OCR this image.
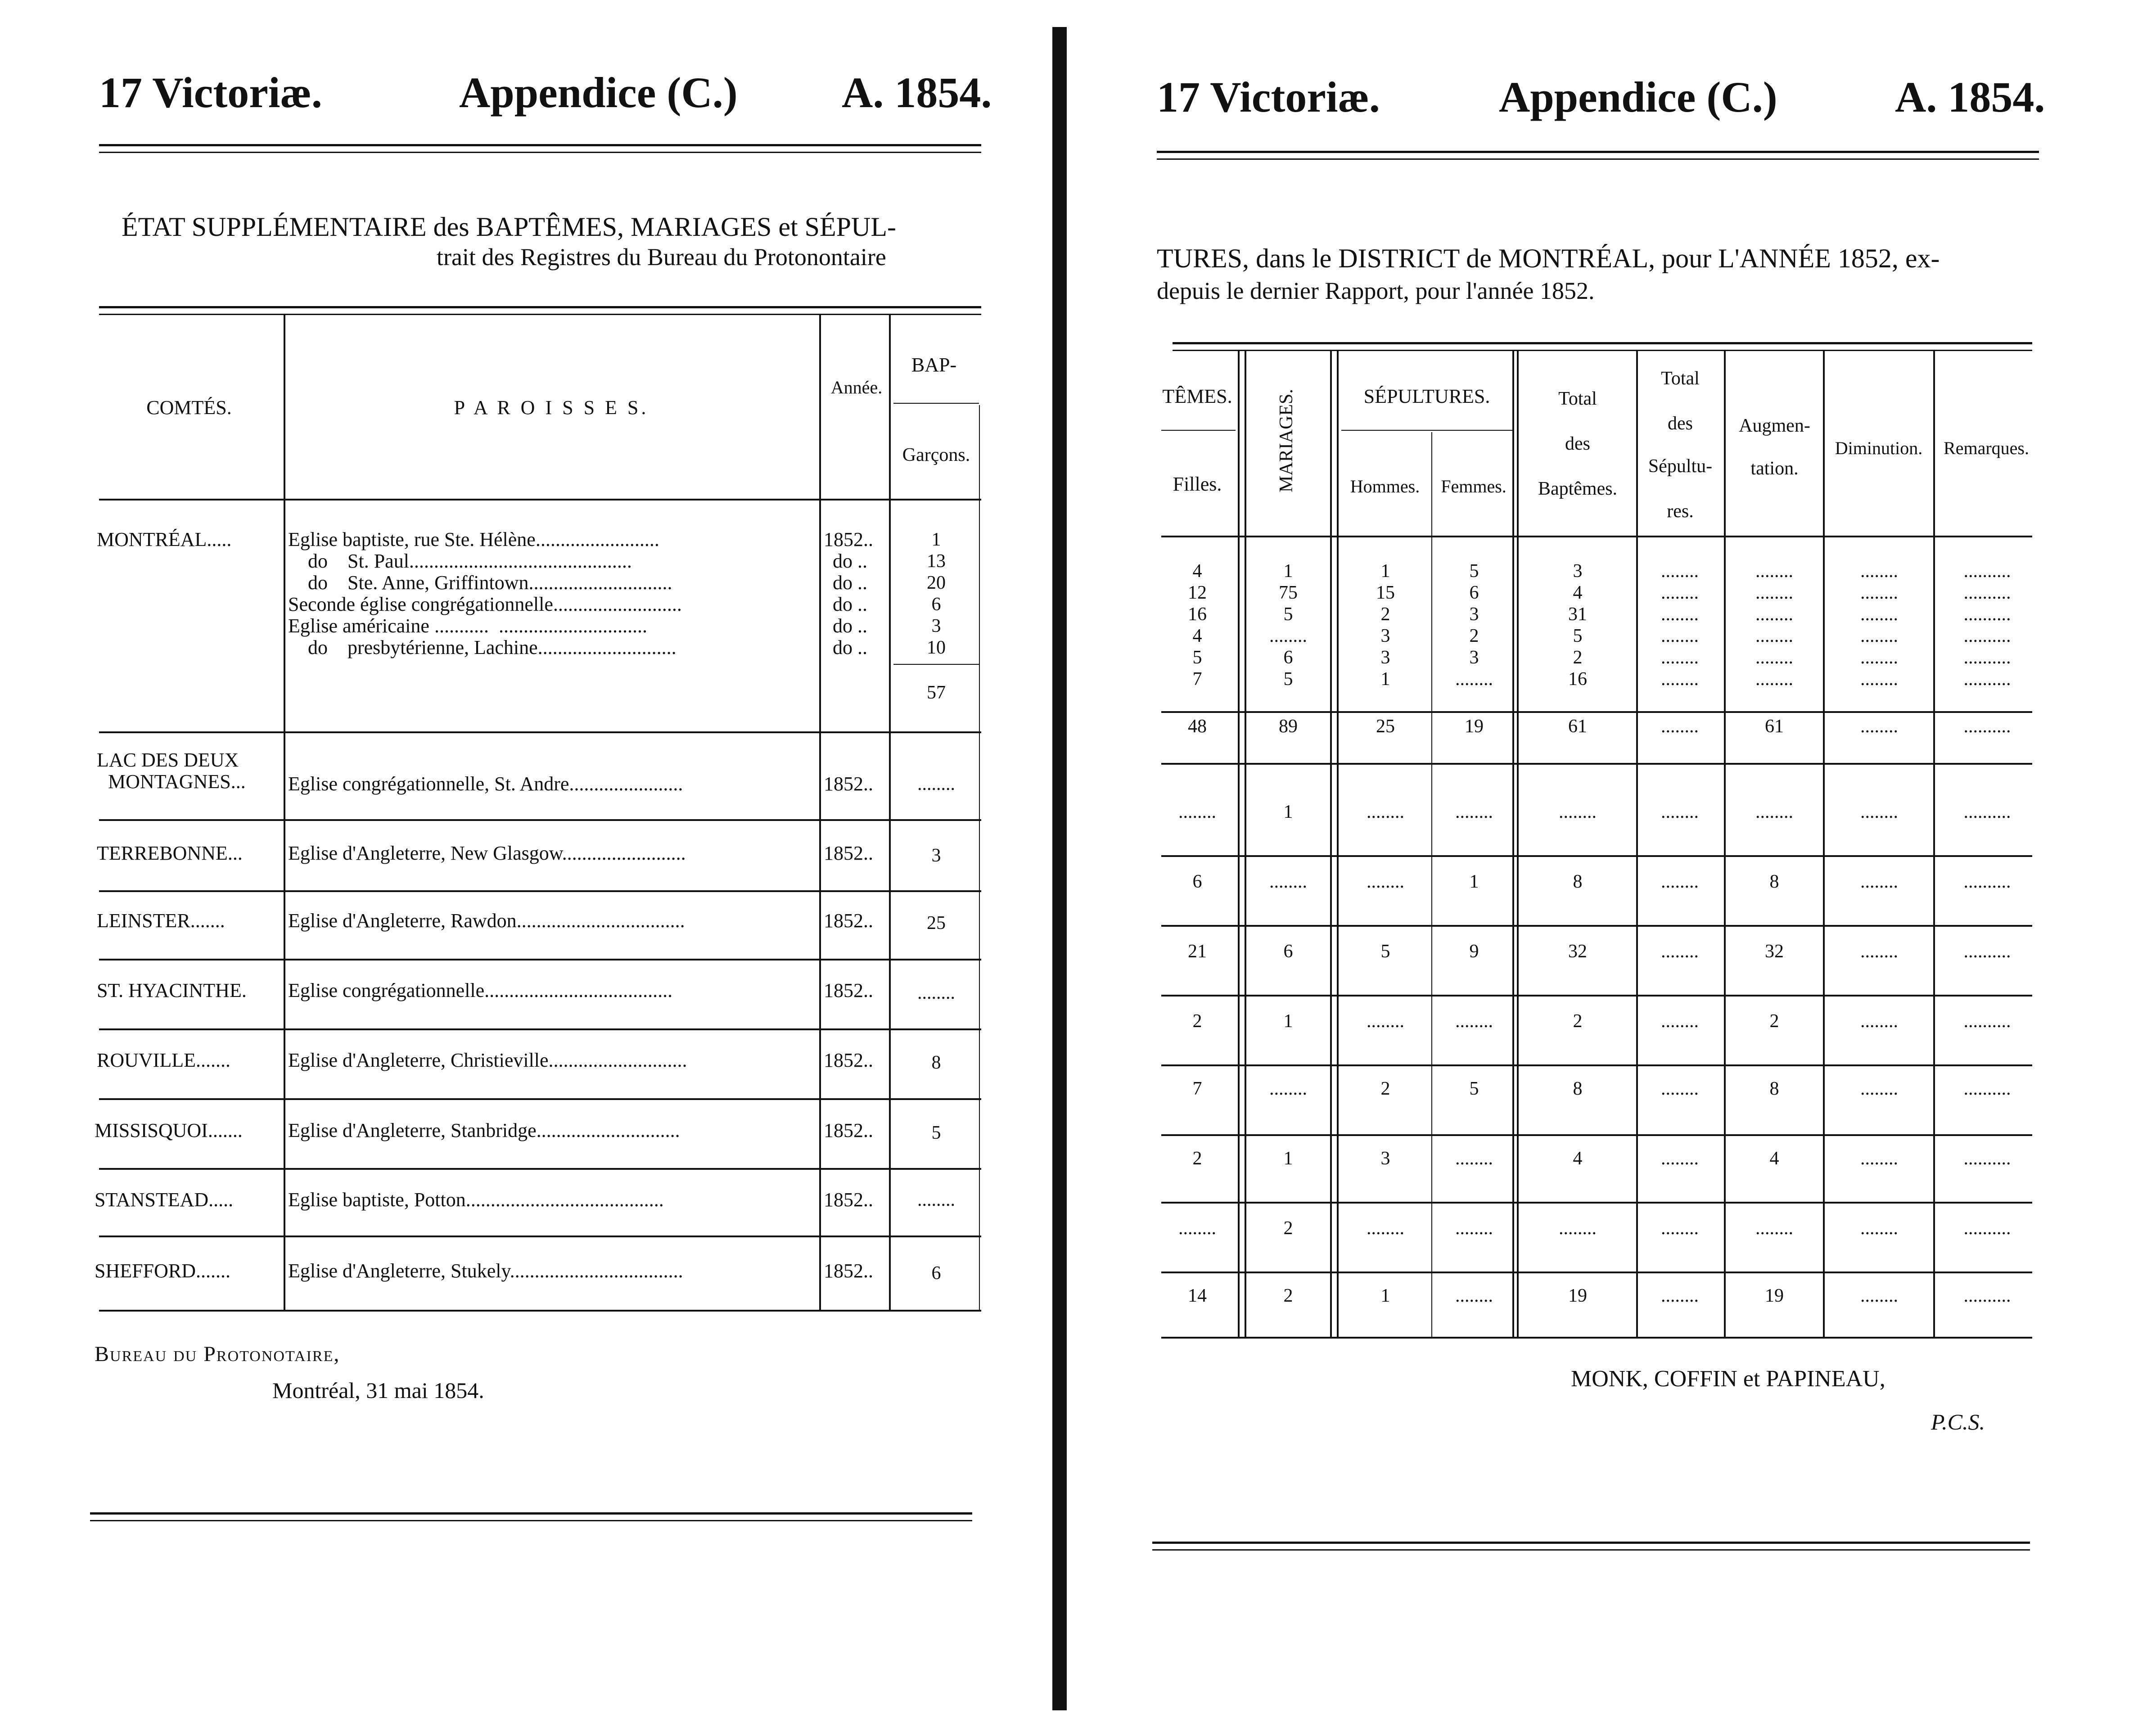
17 Victoriæ.	Appendice (C.) A. 1854.
ÉTAT SUPPLÉMENTAIRE des BAPTÊMES, MARIAGES et SÉPUL-
trait des Registres du Bureau du Protonontaire
COMTÉS.	P A R O I S S E S.
Année.
BAP-
Garçons.
MONTRÉAL.....	Eglise baptiste, rue Ste. Hélène.........................	1852..	1
do    St. Paul.............................................	do ..	13
do    Ste. Anne, Griffintown.............................	do ..	20
Seconde église congrégationnelle..........................	do ..	6
Eglise américaine ...........  ..............................	do ..	3
do    presbytérienne, Lachine............................	do ..	10
57
LAC DES DEUX
MONTAGNES... Eglise congrégationnelle, St. Andre.......................	1852..	........
TERREBONNE... Eglise d'Angleterre, New Glasgow.........................	1852..	3
LEINSTER.......	Eglise d'Angleterre, Rawdon..................................	1852..	25
ST. HYACINTHE. Eglise congrégationnelle......................................	1852..	........
ROUVILLE.......	Eglise d'Angleterre, Christieville............................	1852..	8
MISSISQUOI....... Eglise d'Angleterre, Stanbridge.............................	1852..	5
STANSTEAD.....	Eglise baptiste, Potton........................................	1852..	........
SHEFFORD.......	Eglise d'Angleterre, Stukely...................................	1852..	6
Bureau du Protonotaire,
Montréal, 31 mai 1854.
17 Victoriæ.	Appendice (C.)	A. 1854.
TURES, dans le DISTRICT de MONTRÉAL, pour L'ANNÉE 1852, ex-
depuis le dernier Rapport, pour l'année 1852.
TÊMES.
Filles.	MARIAGES.	SÉPULTURES.
Hommes.	Femmes.
Total
des
Baptêmes.
Total
des
Sépultu-
res.
Augmen-
tation.
Diminution.	Remarques.
4	1	1	5	3	........	........	........	..........
12	75	15	6	4	........	........	........	..........
16	5	2	3	31	........	........	........	..........
4	........	3	2	5	........	........	........	..........
5	6	3	3	2	........	........	........	..........
7	5	1	........	16	........	........	........	..........
48	89	25	19	61	........	61	........	..........
........	1	........	........	........	........	........	........	..........
6	........	........	1	8	........	8	........	..........
21	6	5	9	32	........	32	........	..........
2	1	........	........	2	........	2	........	..........
7	........	2	5	8	........	8	........	..........
2	1	3	........	4	........	4	........	..........
........	2	........	........	........	........	........	........	..........
14	2	1	........	19	........	19	........	..........
MONK, COFFIN et PAPINEAU,
P.C.S.
